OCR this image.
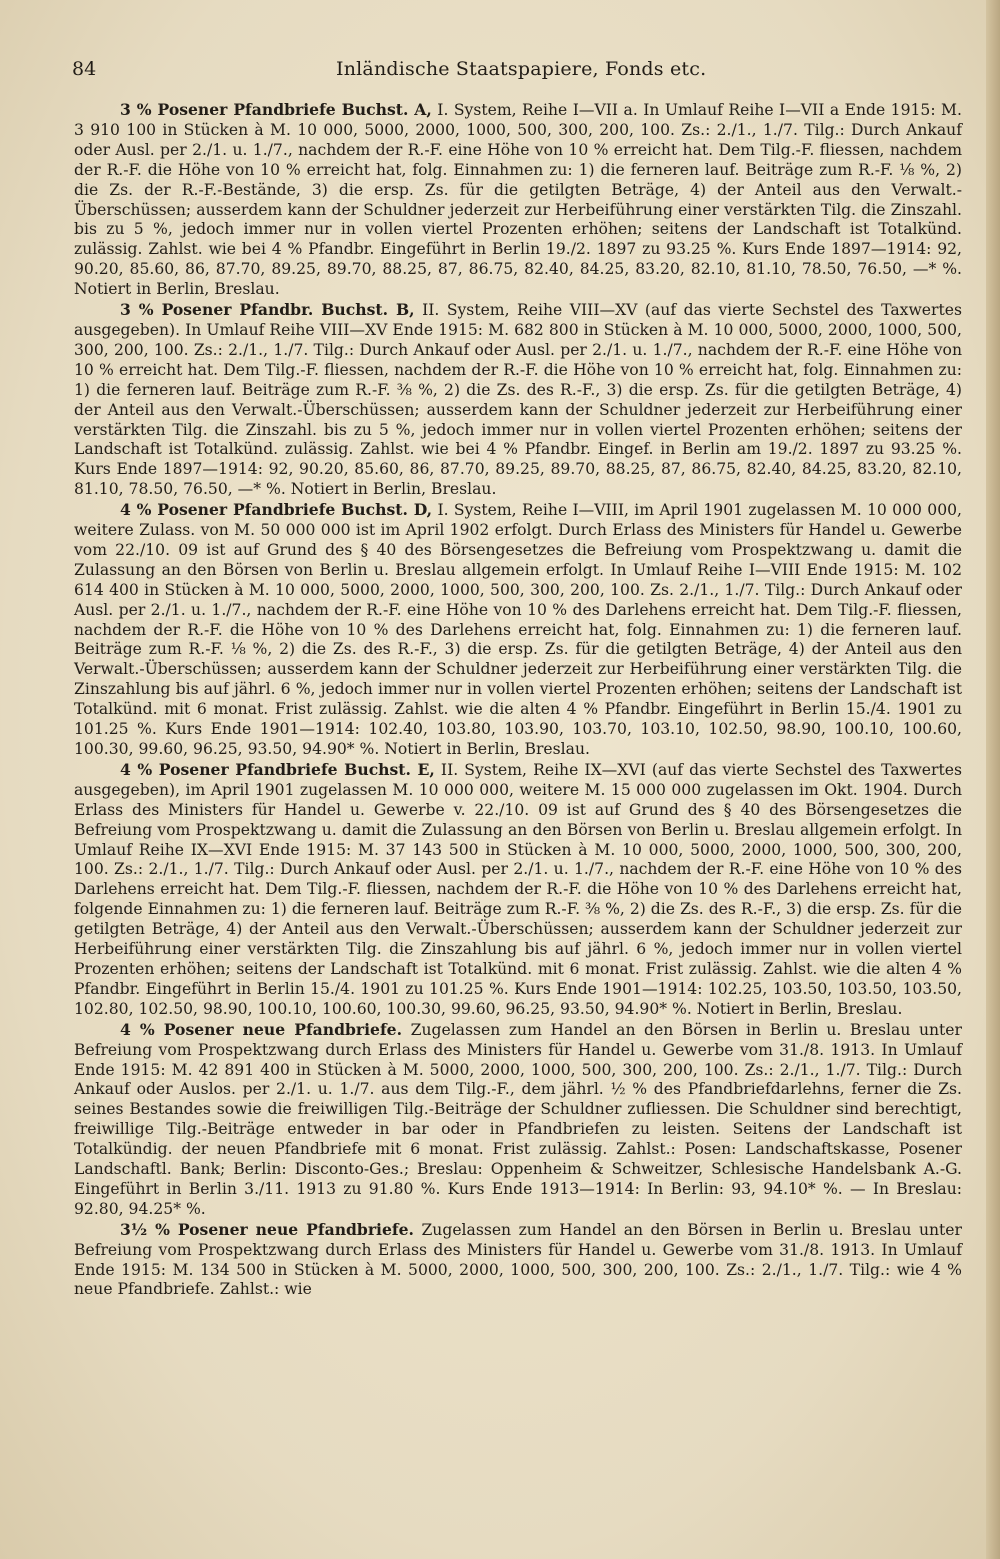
84	Inländische Staatspapiere, Fonds etc.

3 % Posener Pfandbriefe Buchst. A, I. System, Reihe I—VII a. In Umlauf Reihe I—VII a Ende 1915: M. 3 910 100 in Stücken à M. 10 000, 5000, 2000, 1000, 500, 300, 200, 100. Zs.: 2./1., 1./7. Tilg.: Durch Ankauf oder Ausl. per 2./1. u. 1./7., nachdem der R.-F. eine Höhe von 10 % erreicht hat. Dem Tilg.-F. fliessen, nachdem der R.-F. die Höhe von 10 % erreicht hat, folg. Einnahmen zu: 1) die ferneren lauf. Beiträge zum R.-F. ⅛ %, 2) die Zs. der R.-F.-Bestände, 3) die ersp. Zs. für die getilgten Beträge, 4) der Anteil aus den Verwalt.-Überschüssen; ausserdem kann der Schuldner jederzeit zur Herbeiführung einer verstärkten Tilg. die Zinszahl. bis zu 5 %, jedoch immer nur in vollen viertel Prozenten erhöhen; seitens der Landschaft ist Totalkünd. zulässig. Zahlst. wie bei 4 % Pfandbr. Eingeführt in Berlin 19./2. 1897 zu 93.25 %. Kurs Ende 1897—1914: 92, 90.20, 85.60, 86, 87.70, 89.25, 89.70, 88.25, 87, 86.75, 82.40, 84.25, 83.20, 82.10, 81.10, 78.50, 76.50, —* %. Notiert in Berlin, Breslau.

3 % Posener Pfandbr. Buchst. B, II. System, Reihe VIII—XV (auf das vierte Sechstel des Taxwertes ausgegeben). In Umlauf Reihe VIII—XV Ende 1915: M. 682 800 in Stücken à M. 10 000, 5000, 2000, 1000, 500, 300, 200, 100. Zs.: 2./1., 1./7. Tilg.: Durch Ankauf oder Ausl. per 2./1. u. 1./7., nachdem der R.-F. eine Höhe von 10 % erreicht hat. Dem Tilg.-F. fliessen, nachdem der R.-F. die Höhe von 10 % erreicht hat, folg. Einnahmen zu: 1) die ferneren lauf. Beiträge zum R.-F. ⅜ %, 2) die Zs. des R.-F., 3) die ersp. Zs. für die getilgten Beträge, 4) der Anteil aus den Verwalt.-Überschüssen; ausserdem kann der Schuldner jederzeit zur Herbeiführung einer verstärkten Tilg. die Zinszahl. bis zu 5 %, jedoch immer nur in vollen viertel Prozenten erhöhen; seitens der Landschaft ist Totalkünd. zulässig. Zahlst. wie bei 4 % Pfandbr. Eingef. in Berlin am 19./2. 1897 zu 93.25 %. Kurs Ende 1897—1914: 92, 90.20, 85.60, 86, 87.70, 89.25, 89.70, 88.25, 87, 86.75, 82.40, 84.25, 83.20, 82.10, 81.10, 78.50, 76.50, —* %. Notiert in Berlin, Breslau.

4 % Posener Pfandbriefe Buchst. D, I. System, Reihe I—VIII, im April 1901 zugelassen M. 10 000 000, weitere Zulass. von M. 50 000 000 ist im April 1902 erfolgt. Durch Erlass des Ministers für Handel u. Gewerbe vom 22./10. 09 ist auf Grund des § 40 des Börsengesetzes die Befreiung vom Prospektzwang u. damit die Zulassung an den Börsen von Berlin u. Breslau allgemein erfolgt. In Umlauf Reihe I—VIII Ende 1915: M. 102 614 400 in Stücken à M. 10 000, 5000, 2000, 1000, 500, 300, 200, 100. Zs. 2./1., 1./7. Tilg.: Durch Ankauf oder Ausl. per 2./1. u. 1./7., nachdem der R.-F. eine Höhe von 10 % des Darlehens erreicht hat. Dem Tilg.-F. fliessen, nachdem der R.-F. die Höhe von 10 % des Darlehens erreicht hat, folg. Einnahmen zu: 1) die ferneren lauf. Beiträge zum R.-F. ⅛ %, 2) die Zs. des R.-F., 3) die ersp. Zs. für die getilgten Beträge, 4) der Anteil aus den Verwalt.-Überschüssen; ausserdem kann der Schuldner jederzeit zur Herbeiführung einer verstärkten Tilg. die Zinszahlung bis auf jährl. 6 %, jedoch immer nur in vollen viertel Prozenten erhöhen; seitens der Landschaft ist Totalkünd. mit 6 monat. Frist zulässig. Zahlst. wie die alten 4 % Pfandbr. Eingeführt in Berlin 15./4. 1901 zu 101.25 %. Kurs Ende 1901—1914: 102.40, 103.80, 103.90, 103.70, 103.10, 102.50, 98.90, 100.10, 100.60, 100.30, 99.60, 96.25, 93.50, 94.90* %. Notiert in Berlin, Breslau.

4 % Posener Pfandbriefe Buchst. E, II. System, Reihe IX—XVI (auf das vierte Sechstel des Taxwertes ausgegeben), im April 1901 zugelassen M. 10 000 000, weitere M. 15 000 000 zugelassen im Okt. 1904. Durch Erlass des Ministers für Handel u. Gewerbe v. 22./10. 09 ist auf Grund des § 40 des Börsengesetzes die Befreiung vom Prospektzwang u. damit die Zulassung an den Börsen von Berlin u. Breslau allgemein erfolgt. In Umlauf Reihe IX—XVI Ende 1915: M. 37 143 500 in Stücken à M. 10 000, 5000, 2000, 1000, 500, 300, 200, 100. Zs.: 2./1., 1./7. Tilg.: Durch Ankauf oder Ausl. per 2./1. u. 1./7., nachdem der R.-F. eine Höhe von 10 % des Darlehens erreicht hat. Dem Tilg.-F. fliessen, nachdem der R.-F. die Höhe von 10 % des Darlehens erreicht hat, folgende Einnahmen zu: 1) die ferneren lauf. Beiträge zum R.-F. ⅜ %, 2) die Zs. des R.-F., 3) die ersp. Zs. für die getilgten Beträge, 4) der Anteil aus den Verwalt.-Überschüssen; ausserdem kann der Schuldner jederzeit zur Herbeiführung einer verstärkten Tilg. die Zinszahlung bis auf jährl. 6 %, jedoch immer nur in vollen viertel Prozenten erhöhen; seitens der Landschaft ist Totalkünd. mit 6 monat. Frist zulässig. Zahlst. wie die alten 4 % Pfandbr. Eingeführt in Berlin 15./4. 1901 zu 101.25 %. Kurs Ende 1901—1914: 102.25, 103.50, 103.50, 103.50, 102.80, 102.50, 98.90, 100.10, 100.60, 100.30, 99.60, 96.25, 93.50, 94.90* %. Notiert in Berlin, Breslau.

4 % Posener neue Pfandbriefe. Zugelassen zum Handel an den Börsen in Berlin u. Breslau unter Befreiung vom Prospektzwang durch Erlass des Ministers für Handel u. Gewerbe vom 31./8. 1913. In Umlauf Ende 1915: M. 42 891 400 in Stücken à M. 5000, 2000, 1000, 500, 300, 200, 100. Zs.: 2./1., 1./7. Tilg.: Durch Ankauf oder Auslos. per 2./1. u. 1./7. aus dem Tilg.-F., dem jährl. ½ % des Pfandbriefdarlehns, ferner die Zs. seines Bestandes sowie die freiwilligen Tilg.-Beiträge der Schuldner zufliessen. Die Schuldner sind berechtigt, freiwillige Tilg.-Beiträge entweder in bar oder in Pfandbriefen zu leisten. Seitens der Landschaft ist Totalkündig. der neuen Pfandbriefe mit 6 monat. Frist zulässig. Zahlst.: Posen: Landschaftskasse, Posener Landschaftl. Bank; Berlin: Disconto-Ges.; Breslau: Oppenheim & Schweitzer, Schlesische Handelsbank A.-G. Eingeführt in Berlin 3./11. 1913 zu 91.80 %. Kurs Ende 1913—1914: In Berlin: 93, 94.10* %. — In Breslau: 92.80, 94.25* %.

3½ % Posener neue Pfandbriefe. Zugelassen zum Handel an den Börsen in Berlin u. Breslau unter Befreiung vom Prospektzwang durch Erlass des Ministers für Handel u. Gewerbe vom 31./8. 1913. In Umlauf Ende 1915: M. 134 500 in Stücken à M. 5000, 2000, 1000, 500, 300, 200, 100. Zs.: 2./1., 1./7. Tilg.: wie 4 % neue Pfandbriefe. Zahlst.: wie
